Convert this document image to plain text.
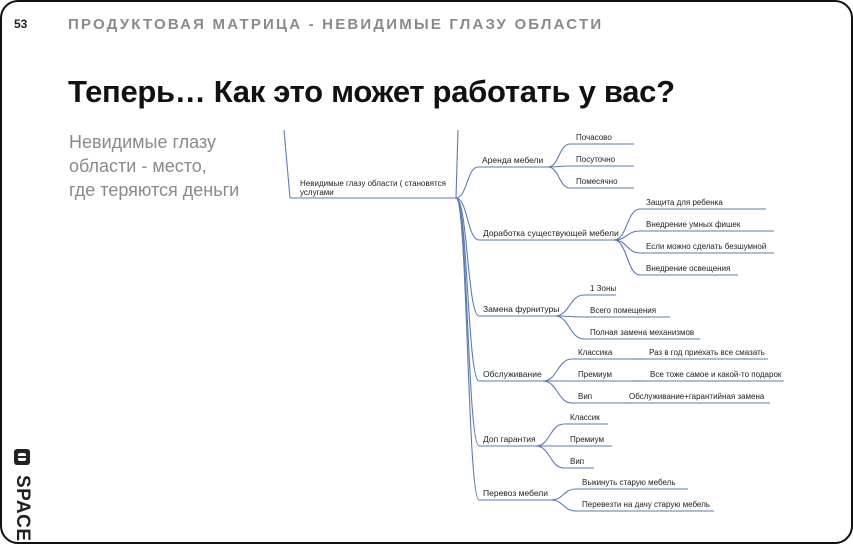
53	ПРОДУКТОВАЯ МАТРИЦА - НЕВИДИМЫЕ ГЛАЗУ ОБЛАСТИ
Теперь… Как это может работать у вас?
Невидимые глазу
области - место,
где теряются деньги
SPACE
Невидимые глазу области ( становятся
услугами
Аренда мебели
Почасово
Посуточно
Помесячно
Доработка существующей мебели
Защита для ребенка
Внедрение умных фишек
Если можно сделать безшумной
Внедрение освещения
Замена фурнитуры
1 Зоны
Всего помещения
Полная замена механизмов
Обслуживание
Классика	Раз в год приехать все смазать
Премиум	Все тоже самое и какой-то подарок
Вип	Обслуживание+гарантийная замена
Доп гарантия
Классик
Премиум
Вип
Перевоз мебели
Выкинуть старую мебель
Перевезти на дачу старую мебель
